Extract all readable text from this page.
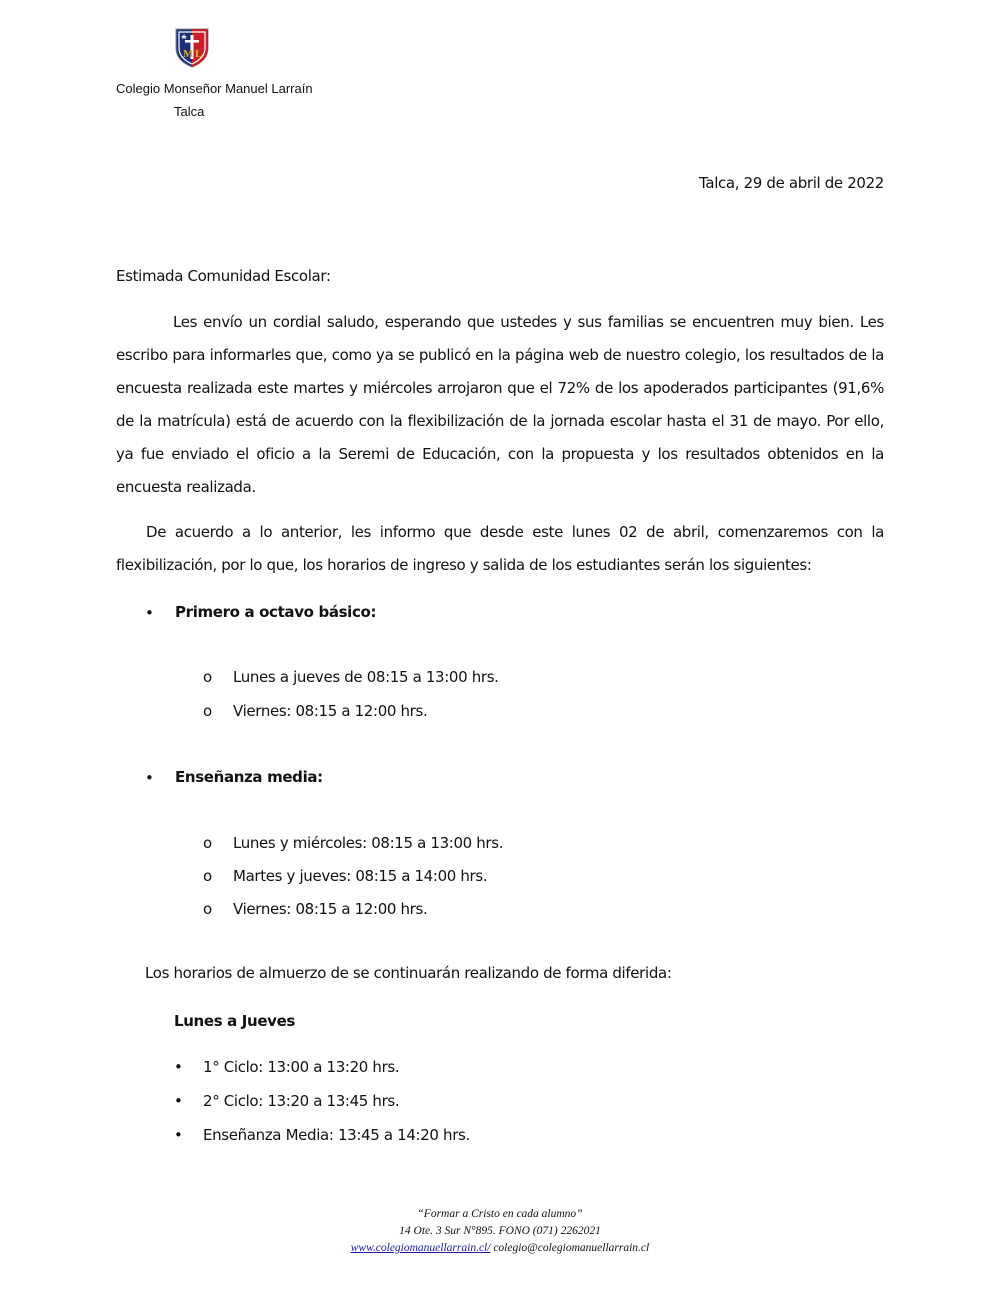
M L
Colegio Monseñor Manuel Larraín
Talca
Talca, 29 de abril de 2022
Estimada Comunidad Escolar:
Les envío un cordial saludo, esperando que ustedes y sus familias se encuentren muy bien. Les escribo para informarles que, como ya se publicó en la página web de nuestro colegio, los resultados de la encuesta realizada este martes y miércoles arrojaron que el 72% de los apoderados participantes (91,6% de la matrícula) está de acuerdo con la flexibilización de la jornada escolar hasta el 31 de mayo. Por ello, ya fue enviado el oficio a la Seremi de Educación, con la propuesta y los resultados obtenidos en la encuesta realizada.
De acuerdo a lo anterior, les informo que desde este lunes 02 de abril, comenzaremos con la flexibilización, por lo que, los horarios de ingreso y salida de los estudiantes serán los siguientes:
• Primero a octavo básico:
o Lunes a jueves de 08:15 a 13:00 hrs.
o Viernes: 08:15 a 12:00 hrs.
• Enseñanza media:
o Lunes y miércoles: 08:15 a 13:00 hrs.
o Martes y jueves: 08:15 a 14:00 hrs.
o Viernes: 08:15 a 12:00 hrs.
Los horarios de almuerzo de se continuarán realizando de forma diferida:
Lunes a Jueves
• 1° Ciclo: 13:00 a 13:20 hrs.
• 2° Ciclo: 13:20 a 13:45 hrs.
• Enseñanza Media: 13:45 a 14:20 hrs.
“Formar a Cristo en cada alumno”
14 Ote. 3 Sur N°895. FONO (071) 2262021
www.colegiomanuellarrain.cl/ colegio@colegiomanuellarrain.cl
